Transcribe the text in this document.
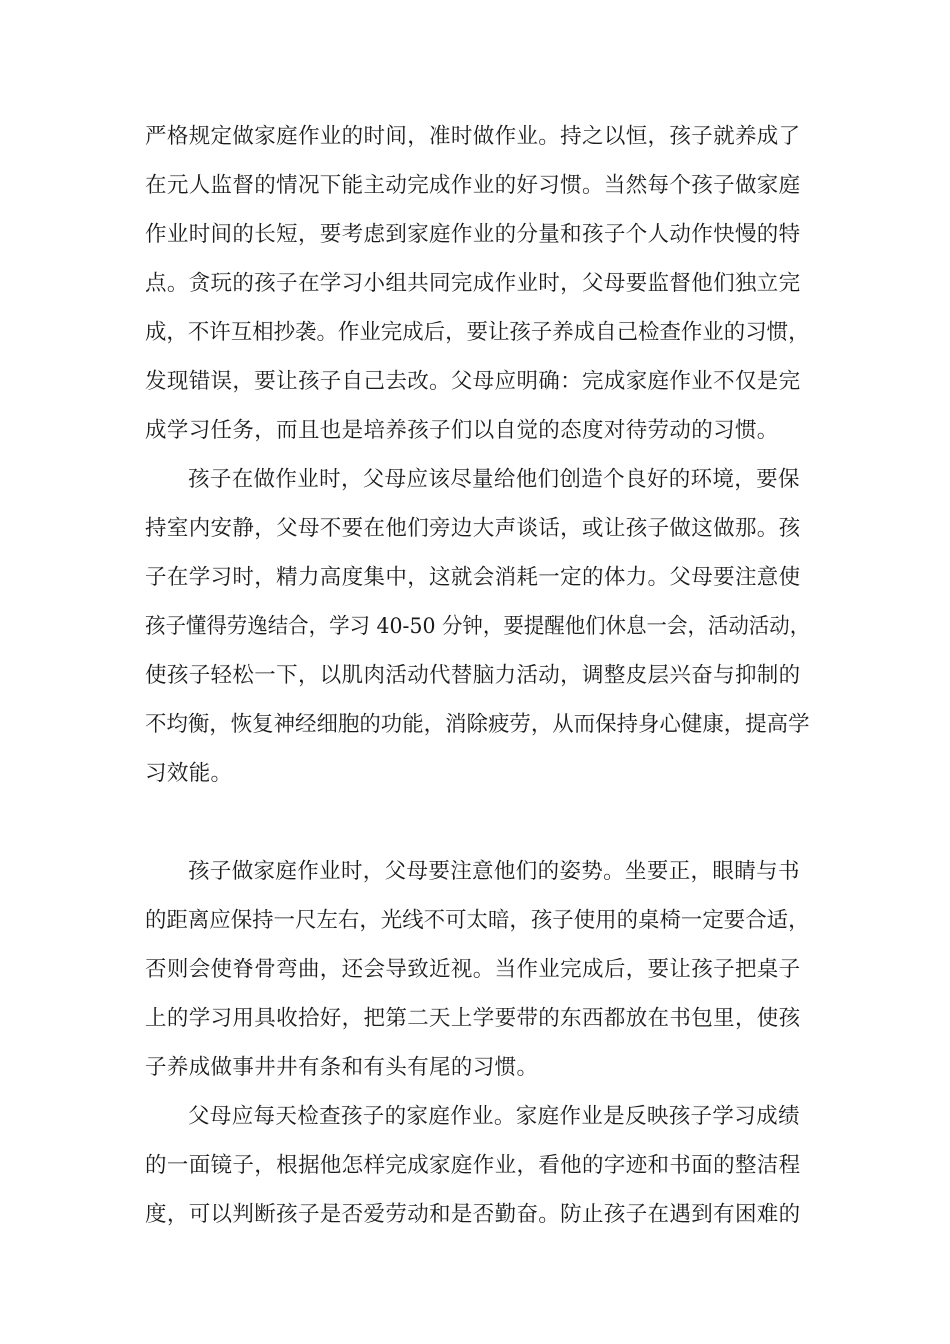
严格规定做家庭作业的时间，准时做作业。持之以恒，孩子就养成了
在元人监督的情况下能主动完成作业的好习惯。当然每个孩子做家庭
作业时间的长短，要考虑到家庭作业的分量和孩子个人动作快慢的特
点。贪玩的孩子在学习小组共同完成作业时，父母要监督他们独立完
成，不许互相抄袭。作业完成后，要让孩子养成自己检查作业的习惯，
发现错误，要让孩子自己去改。父母应明确：完成家庭作业不仅是完
成学习任务，而且也是培养孩子们以自觉的态度对待劳动的习惯。
孩子在做作业时，父母应该尽量给他们创造个良好的环境，要保
持室内安静，父母不要在他们旁边大声谈话，或让孩子做这做那。孩
子在学习时，精力高度集中，这就会消耗一定的体力。父母要注意使
孩子懂得劳逸结合，学习 40-50 分钟，要提醒他们休息一会，活动活动，
使孩子轻松一下，以肌肉活动代替脑力活动，调整皮层兴奋与抑制的
不均衡，恢复神经细胞的功能，消除疲劳，从而保持身心健康，提高学
习效能。
孩子做家庭作业时，父母要注意他们的姿势。坐要正，眼睛与书
的距离应保持一尺左右，光线不可太暗，孩子使用的桌椅一定要合适，
否则会使脊骨弯曲，还会导致近视。当作业完成后，要让孩子把桌子
上的学习用具收拾好，把第二天上学要带的东西都放在书包里，使孩
子养成做事井井有条和有头有尾的习惯。
父母应每天检查孩子的家庭作业。家庭作业是反映孩子学习成绩
的一面镜子，根据他怎样完成家庭作业，看他的字迹和书面的整洁程
度，可以判断孩子是否爱劳动和是否勤奋。防止孩子在遇到有困难的
